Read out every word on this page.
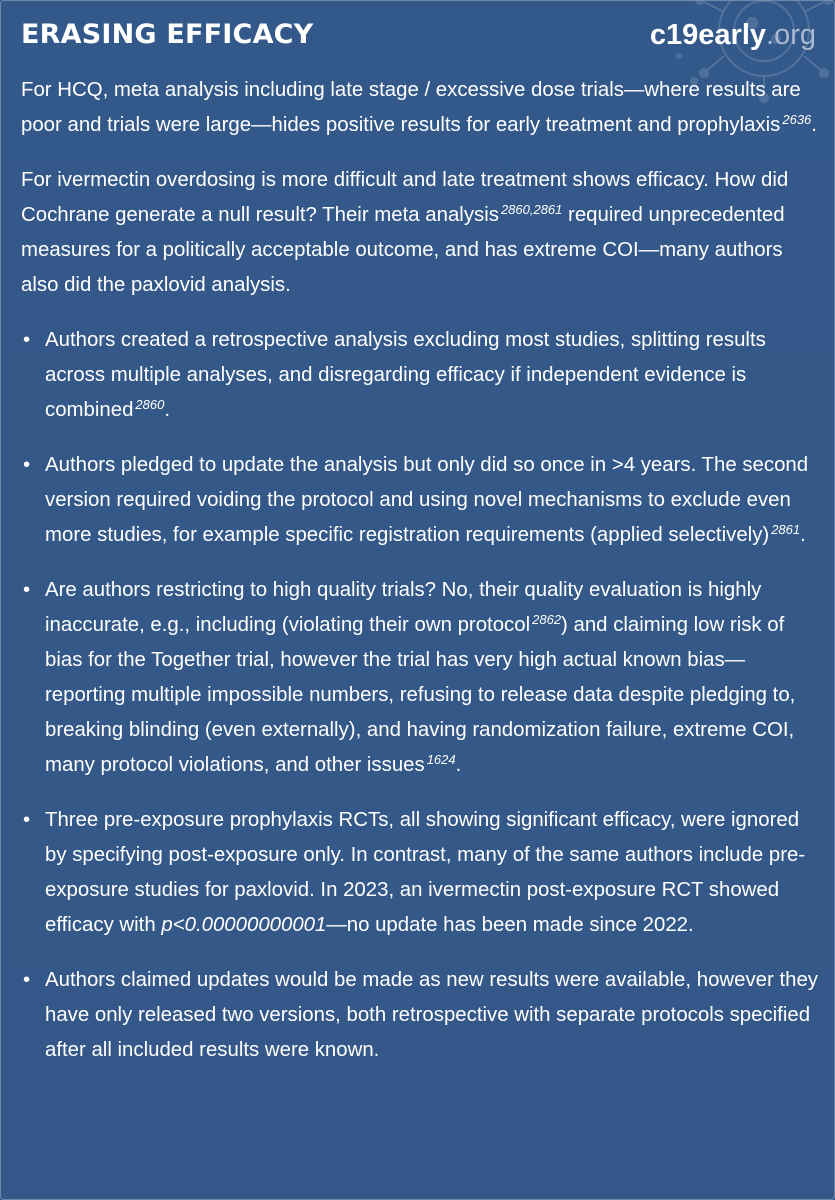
ERASING EFFICACY	c19early.org

For HCQ, meta analysis including late stage / excessive dose trials—where results are poor and trials were large—hides positive results for early treatment and prophylaxis $^{2636}$.

For ivermectin overdosing is more difficult and late treatment shows efficacy. How did Cochrane generate a null result? Their meta analysis $^{2860,2861}$ required unprecedented measures for a politically acceptable outcome, and has extreme COI—many authors also did the paxlovid analysis.

• Authors created a retrospective analysis excluding most studies, splitting results across multiple analyses, and disregarding efficacy if independent evidence is combined $^{2860}$.
• Authors pledged to update the analysis but only did so once in >4 years. The second version required voiding the protocol and using novel mechanisms to exclude even more studies, for example specific registration requirements (applied selectively) $^{2861}$.
• Are authors restricting to high quality trials? No, their quality evaluation is highly inaccurate, e.g., including (violating their own protocol $^{2862}$) and claiming low risk of bias for the Together trial, however the trial has very high actual known bias—reporting multiple impossible numbers, refusing to release data despite pledging to, breaking blinding (even externally), and having randomization failure, extreme COI, many protocol violations, and other issues $^{1624}$.
• Three pre-exposure prophylaxis RCTs, all showing significant efficacy, were ignored by specifying post-exposure only. In contrast, many of the same authors include pre-exposure studies for paxlovid. In 2023, an ivermectin post-exposure RCT showed efficacy with p<0.00000000001—no update has been made since 2022.
• Authors claimed updates would be made as new results were available, however they have only released two versions, both retrospective with separate protocols specified after all included results were known.
